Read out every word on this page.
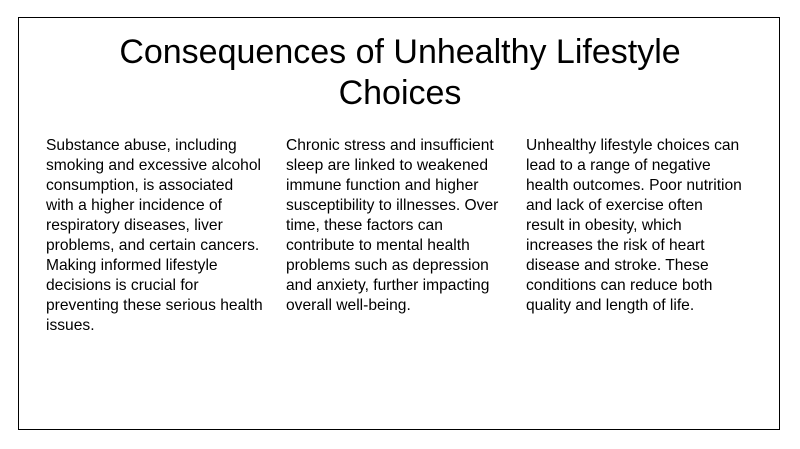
Consequences of Unhealthy Lifestyle Choices

Substance abuse, including smoking and excessive alcohol consumption, is associated with a higher incidence of respiratory diseases, liver problems, and certain cancers. Making informed lifestyle decisions is crucial for preventing these serious health issues.

Chronic stress and insufficient sleep are linked to weakened immune function and higher susceptibility to illnesses. Over time, these factors can contribute to mental health problems such as depression and anxiety, further impacting overall well-being.

Unhealthy lifestyle choices can lead to a range of negative health outcomes. Poor nutrition and lack of exercise often result in obesity, which increases the risk of heart disease and stroke. These conditions can reduce both quality and length of life.
